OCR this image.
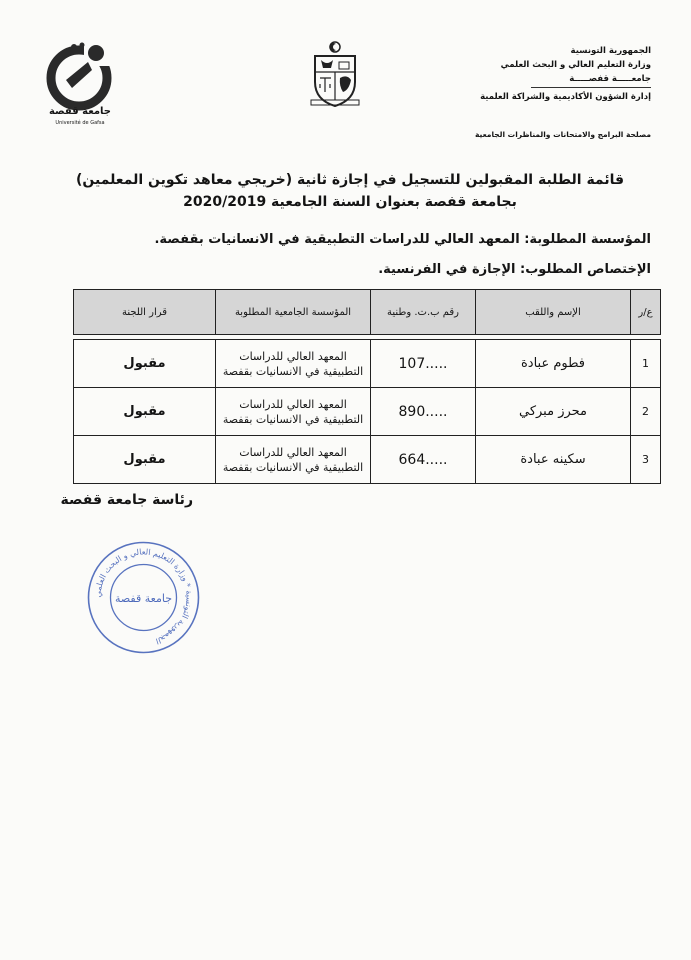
جامعة قفصة
Université de Gafsa
الجمهورية التونسية
وزارة التعليم العالي و البحث العلمي
جامعـــــة قفصـــــة
إدارة الشؤون الأكاديمية والشراكة العلمية
مصلحة البرامج والامتحانات والمناظرات الجامعية
قائمة الطلبة المقبولين للتسجيل في إجازة ثانية (خريجي معاهد تكوين المعلمين)
بجامعة قفصة بعنوان السنة الجامعية 2020/2019
المؤسسة المطلوبة: المعهد العالي للدراسات التطبيقية في الانسانيات بقفصة.
الإختصاص المطلوب: الإجازة في الفرنسية.
ع/ر	الإسم واللقب	رقم ب.ت. وطنية	المؤسسة الجامعية المطلوبة	قرار اللجنة

1	فطوم عبادة	107.....	المعهد العالي للدراسات
التطبيقية في الانسانيات بقفصة	مقبول
2	محرز مبركي	890.....	المعهد العالي للدراسات
التطبيقية في الانسانيات بقفصة	مقبول
3	سكينه عبادة	664.....	المعهد العالي للدراسات
التطبيقية في الانسانيات بقفصة	مقبول
رئاسة جامعة قفصة
الجمهورية التونسية * وزارة التعليم العالي و البحث العلمي
جامعة قفصة
